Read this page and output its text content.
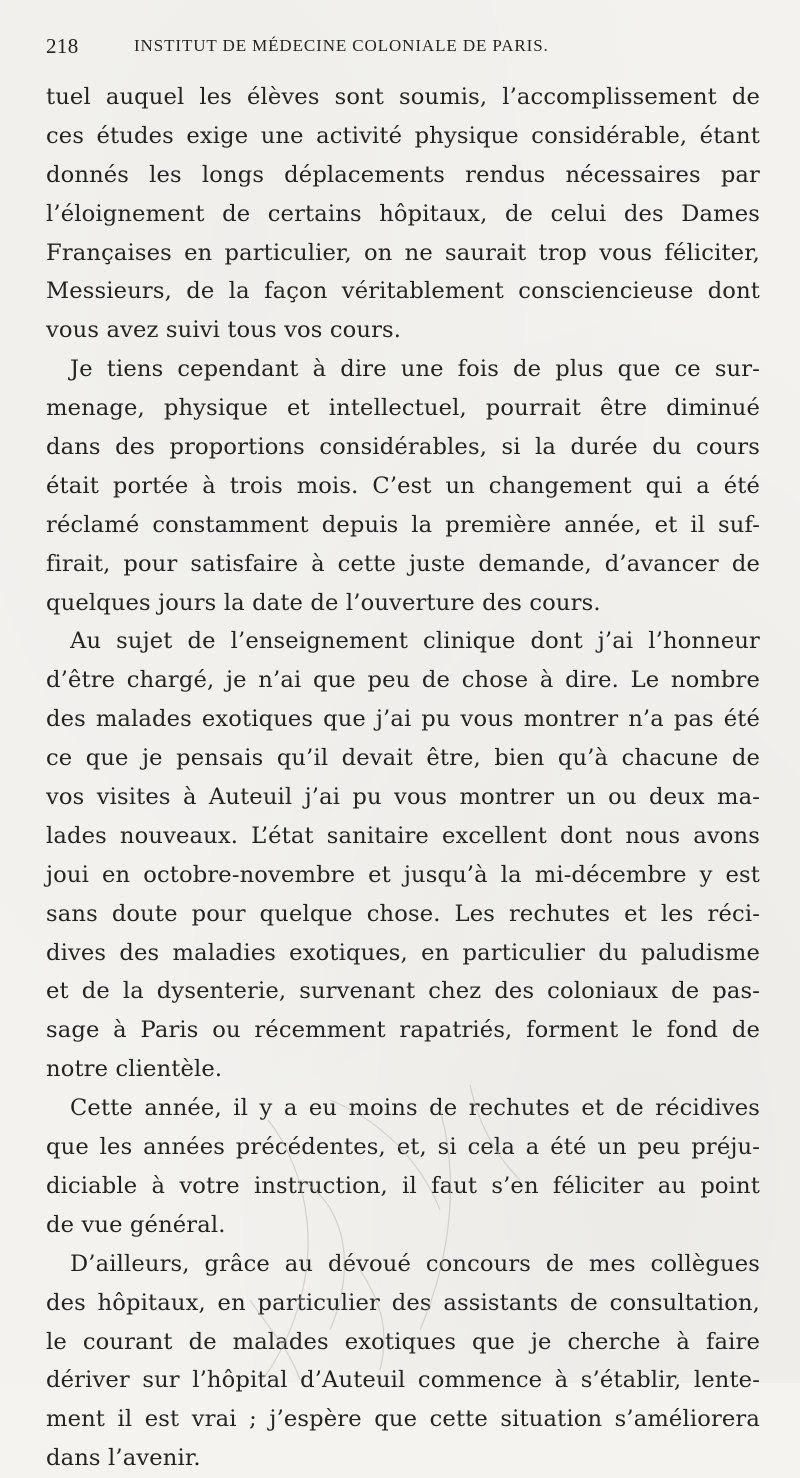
218	INSTITUT DE MÉDECINE COLONIALE DE PARIS.
tuel auquel les élèves sont soumis, l’accomplissement de
ces études exige une activité physique considérable, étant
donnés les longs déplacements rendus nécessaires par
l’éloignement de certains hôpitaux, de celui des Dames
Françaises en particulier, on ne saurait trop vous féliciter,
Messieurs, de la façon véritablement consciencieuse dont
vous avez suivi tous vos cours.
Je tiens cependant à dire une fois de plus que ce sur-
menage, physique et intellectuel, pourrait être diminué
dans des proportions considérables, si la durée du cours
était portée à trois mois. C’est un changement qui a été
réclamé constamment depuis la première année, et il suf-
firait, pour satisfaire à cette juste demande, d’avancer de
quelques jours la date de l’ouverture des cours.
Au sujet de l’enseignement clinique dont j’ai l’honneur
d’être chargé, je n’ai que peu de chose à dire. Le nombre
des malades exotiques que j’ai pu vous montrer n’a pas été
ce que je pensais qu’il devait être, bien qu’à chacune de
vos visites à Auteuil j’ai pu vous montrer un ou deux ma-
lades nouveaux. L’état sanitaire excellent dont nous avons
joui en octobre-novembre et jusqu’à la mi-décembre y est
sans doute pour quelque chose. Les rechutes et les réci-
dives des maladies exotiques, en particulier du paludisme
et de la dysenterie, survenant chez des coloniaux de pas-
sage à Paris ou récemment rapatriés, forment le fond de
notre clientèle.
Cette année, il y a eu moins de rechutes et de récidives
que les années précédentes, et, si cela a été un peu préju-
diciable à votre instruction, il faut s’en féliciter au point
de vue général.
D’ailleurs, grâce au dévoué concours de mes collègues
des hôpitaux, en particulier des assistants de consultation,
le courant de malades exotiques que je cherche à faire
dériver sur l’hôpital d’Auteuil commence à s’établir, lente-
ment il est vrai ; j’espère que cette situation s’améliorera
dans l’avenir.
